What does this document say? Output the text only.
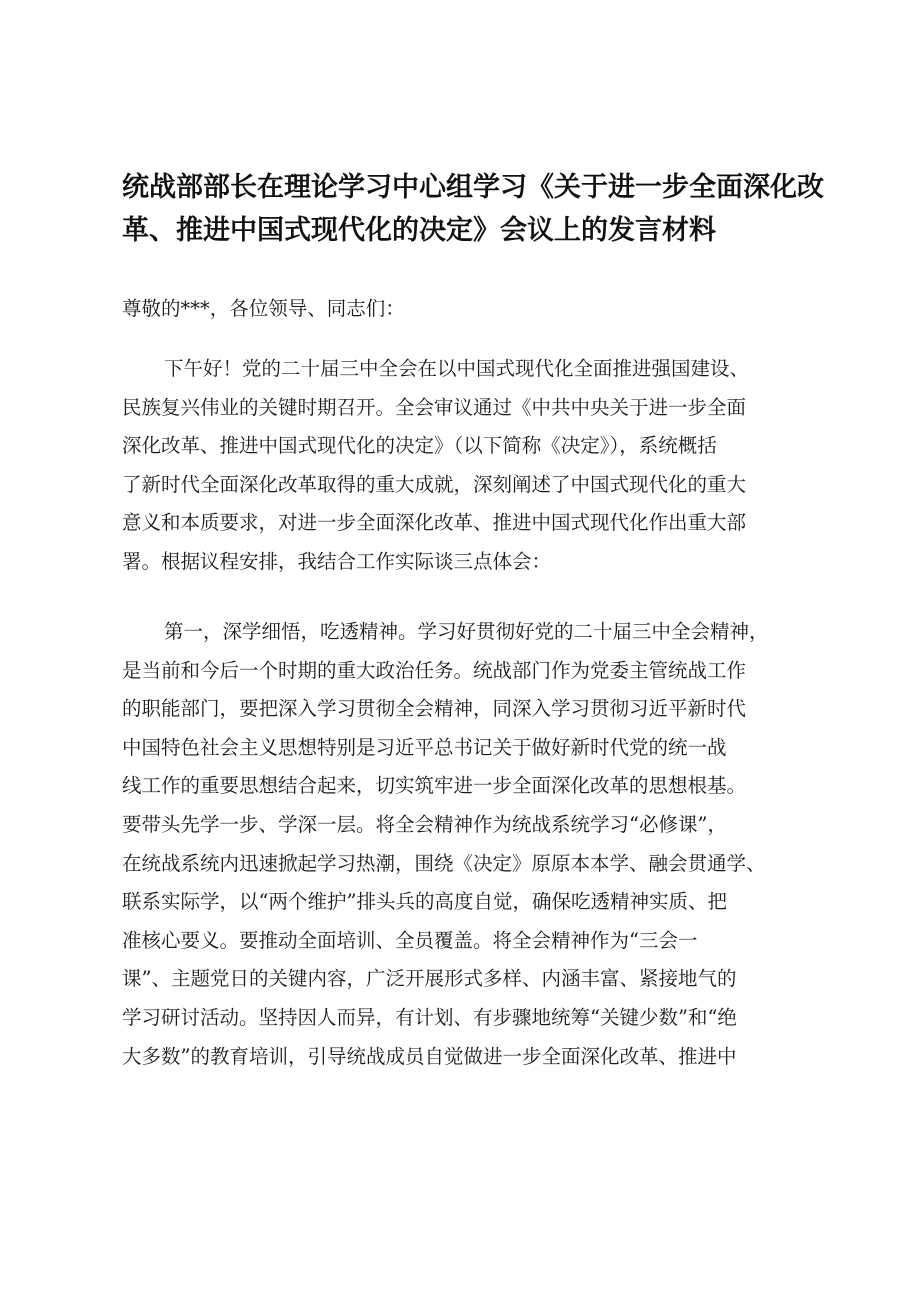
统战部部长在理论学习中心组学习《关于进一步全面深化改
革、推进中国式现代化的决定》会议上的发言材料

尊敬的***，各位领导、同志们：

下午好！党的二十届三中全会在以中国式现代化全面推进强国建设、
民族复兴伟业的关键时期召开。全会审议通过《中共中央关于进一步全面
深化改革、推进中国式现代化的决定》（以下简称《决定》），系统概括
了新时代全面深化改革取得的重大成就，深刻阐述了中国式现代化的重大
意义和本质要求，对进一步全面深化改革、推进中国式现代化作出重大部
署。根据议程安排，我结合工作实际谈三点体会：
第一，深学细悟，吃透精神。学习好贯彻好党的二十届三中全会精神，
是当前和今后一个时期的重大政治任务。统战部门作为党委主管统战工作
的职能部门，要把深入学习贯彻全会精神，同深入学习贯彻习近平新时代
中国特色社会主义思想特别是习近平总书记关于做好新时代党的统一战
线工作的重要思想结合起来，切实筑牢进一步全面深化改革的思想根基。
要带头先学一步、学深一层。将全会精神作为统战系统学习“必修课”，
在统战系统内迅速掀起学习热潮，围绕《决定》原原本本学、融会贯通学、
联系实际学，以“两个维护”排头兵的高度自觉，确保吃透精神实质、把
准核心要义。要推动全面培训、全员覆盖。将全会精神作为“三会一
课”、主题党日的关键内容，广泛开展形式多样、内涵丰富、紧接地气的
学习研讨活动。坚持因人而异，有计划、有步骤地统筹“关键少数”和“绝
大多数”的教育培训，引导统战成员自觉做进一步全面深化改革、推进中
